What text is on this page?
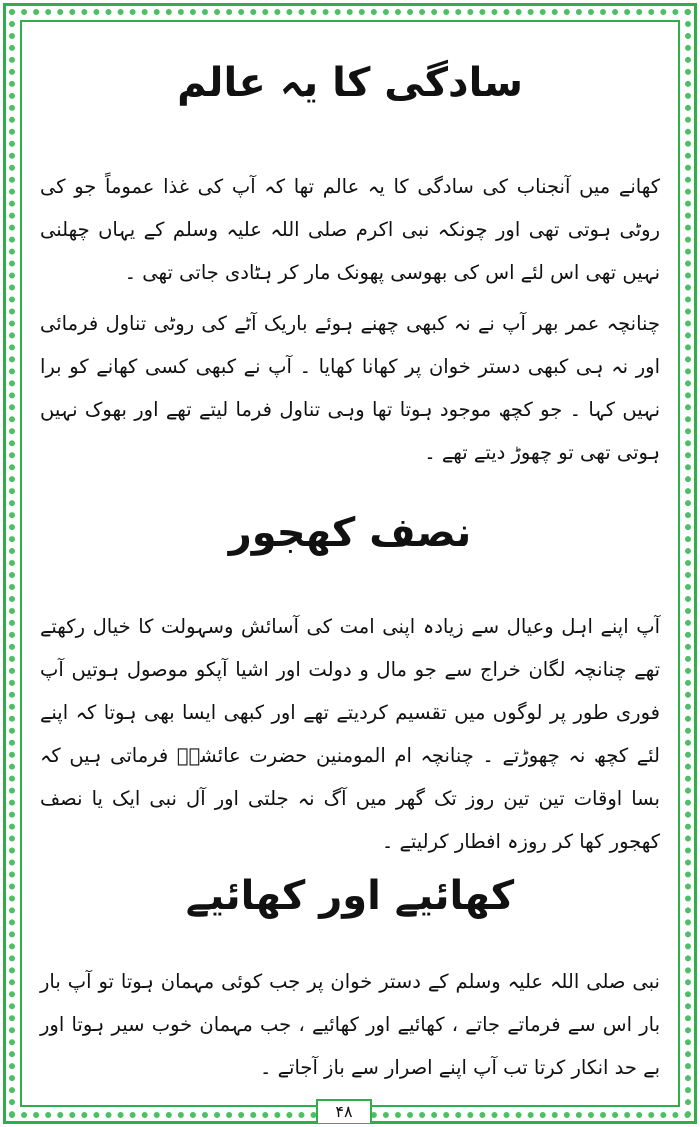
سادگی کا یہ عالم
کھانے میں آنجناب کی سادگی کا یہ عالم تھا کہ آپ کی غذا عموماً جو کی روٹی ہوتی تھی اور چونکہ نبی اکرم صلی اللہ علیہ وسلم کے یہاں چھلنی نہیں تھی اس لئے اس کی بھوسی پھونک مار کر ہٹادی جاتی تھی ۔
چنانچہ عمر بھر آپ نے نہ کبھی چھنے ہوئے باریک آٹے کی روٹی تناول فرمائی اور نہ ہی کبھی دستر خوان پر کھانا کھایا ۔ آپ نے کبھی کسی کھانے کو برا نہیں کہا ۔ جو کچھ موجود ہوتا تھا وہی تناول فرما لیتے تھے اور بھوک نہیں ہوتی تھی تو چھوڑ دیتے تھے ۔
نصف کھجور
آپ اپنے اہل وعیال سے زیادہ اپنی امت کی آسائش وسہولت کا خیال رکھتے تھے چنانچہ لگان خراج سے جو مال و دولت اور اشیا آپکو موصول ہوتیں آپ فوری طور پر لوگوں میں تقسیم کردیتے تھے اور کبھی ایسا بھی ہوتا کہ اپنے لئے کچھ نہ چھوڑتے ۔ چنانچہ ام المومنین حضرت عائشہؓ فرماتی ہیں کہ بسا اوقات تین تین روز تک گھر میں آگ نہ جلتی اور آل نبی ایک یا نصف کھجور کھا کر روزہ افطار کرلیتے ۔
کھائیے اور کھائیے
نبی صلی اللہ علیہ وسلم کے دستر خوان پر جب کوئی مہمان ہوتا تو آپ بار بار اس سے فرماتے جاتے ، کھائیے اور کھائیے ، جب مہمان خوب سیر ہوتا اور بے حد انکار کرتا تب آپ اپنے اصرار سے باز آجاتے ۔
۴۸
